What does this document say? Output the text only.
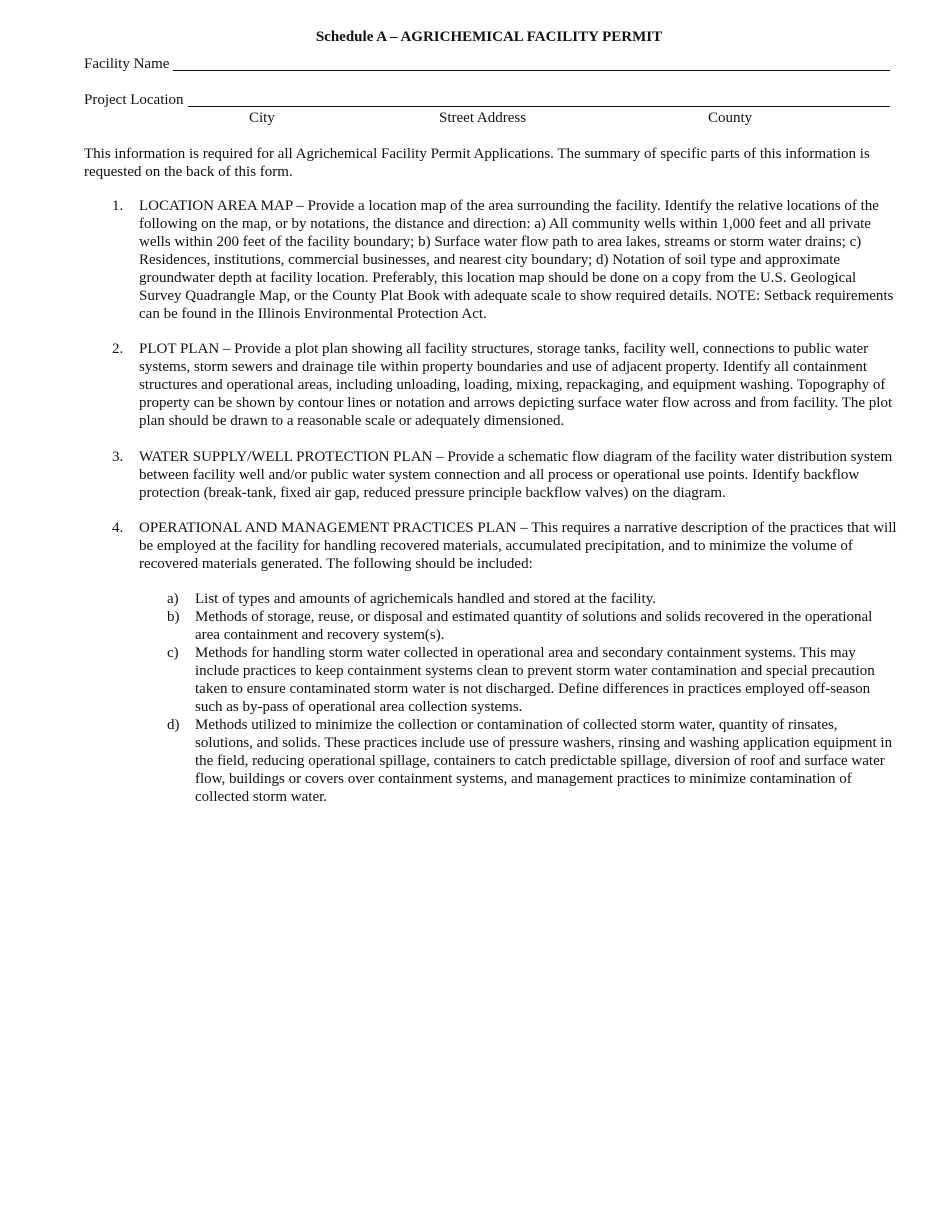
Schedule A – AGRICHEMICAL FACILITY PERMIT
Facility Name
Project Location
City	Street Address	County
This information is required for all Agrichemical Facility Permit Applications. The summary of specific parts of this information is requested on the back of this form.
1. LOCATION AREA MAP – Provide a location map of the area surrounding the facility. Identify the relative locations of the following on the map, or by notations, the distance and direction: a) All community wells within 1,000 feet and all private wells within 200 feet of the facility boundary; b) Surface water flow path to area lakes, streams or storm water drains; c) Residences, institutions, commercial businesses, and nearest city boundary; d) Notation of soil type and approximate groundwater depth at facility location. Preferably, this location map should be done on a copy from the U.S. Geological Survey Quadrangle Map, or the County Plat Book with adequate scale to show required details. NOTE: Setback requirements can be found in the Illinois Environmental Protection Act.
2. PLOT PLAN – Provide a plot plan showing all facility structures, storage tanks, facility well, connections to public water systems, storm sewers and drainage tile within property boundaries and use of adjacent property. Identify all containment structures and operational areas, including unloading, loading, mixing, repackaging, and equipment washing. Topography of property can be shown by contour lines or notation and arrows depicting surface water flow across and from facility. The plot plan should be drawn to a reasonable scale or adequately dimensioned.
3. WATER SUPPLY/WELL PROTECTION PLAN – Provide a schematic flow diagram of the facility water distribution system between facility well and/or public water system connection and all process or operational use points. Identify backflow protection (break-tank, fixed air gap, reduced pressure principle backflow valves) on the diagram.
4. OPERATIONAL AND MANAGEMENT PRACTICES PLAN – This requires a narrative description of the practices that will be employed at the facility for handling recovered materials, accumulated precipitation, and to minimize the volume of recovered materials generated. The following should be included:
a) List of types and amounts of agrichemicals handled and stored at the facility.
b) Methods of storage, reuse, or disposal and estimated quantity of solutions and solids recovered in the operational area containment and recovery system(s).
c) Methods for handling storm water collected in operational area and secondary containment systems. This may include practices to keep containment systems clean to prevent storm water contamination and special precaution taken to ensure contaminated storm water is not discharged. Define differences in practices employed off-season such as by-pass of operational area collection systems.
d) Methods utilized to minimize the collection or contamination of collected storm water, quantity of rinsates, solutions, and solids. These practices include use of pressure washers, rinsing and washing application equipment in the field, reducing operational spillage, containers to catch predictable spillage, diversion of roof and surface water flow, buildings or covers over containment systems, and management practices to minimize contamination of collected storm water.
